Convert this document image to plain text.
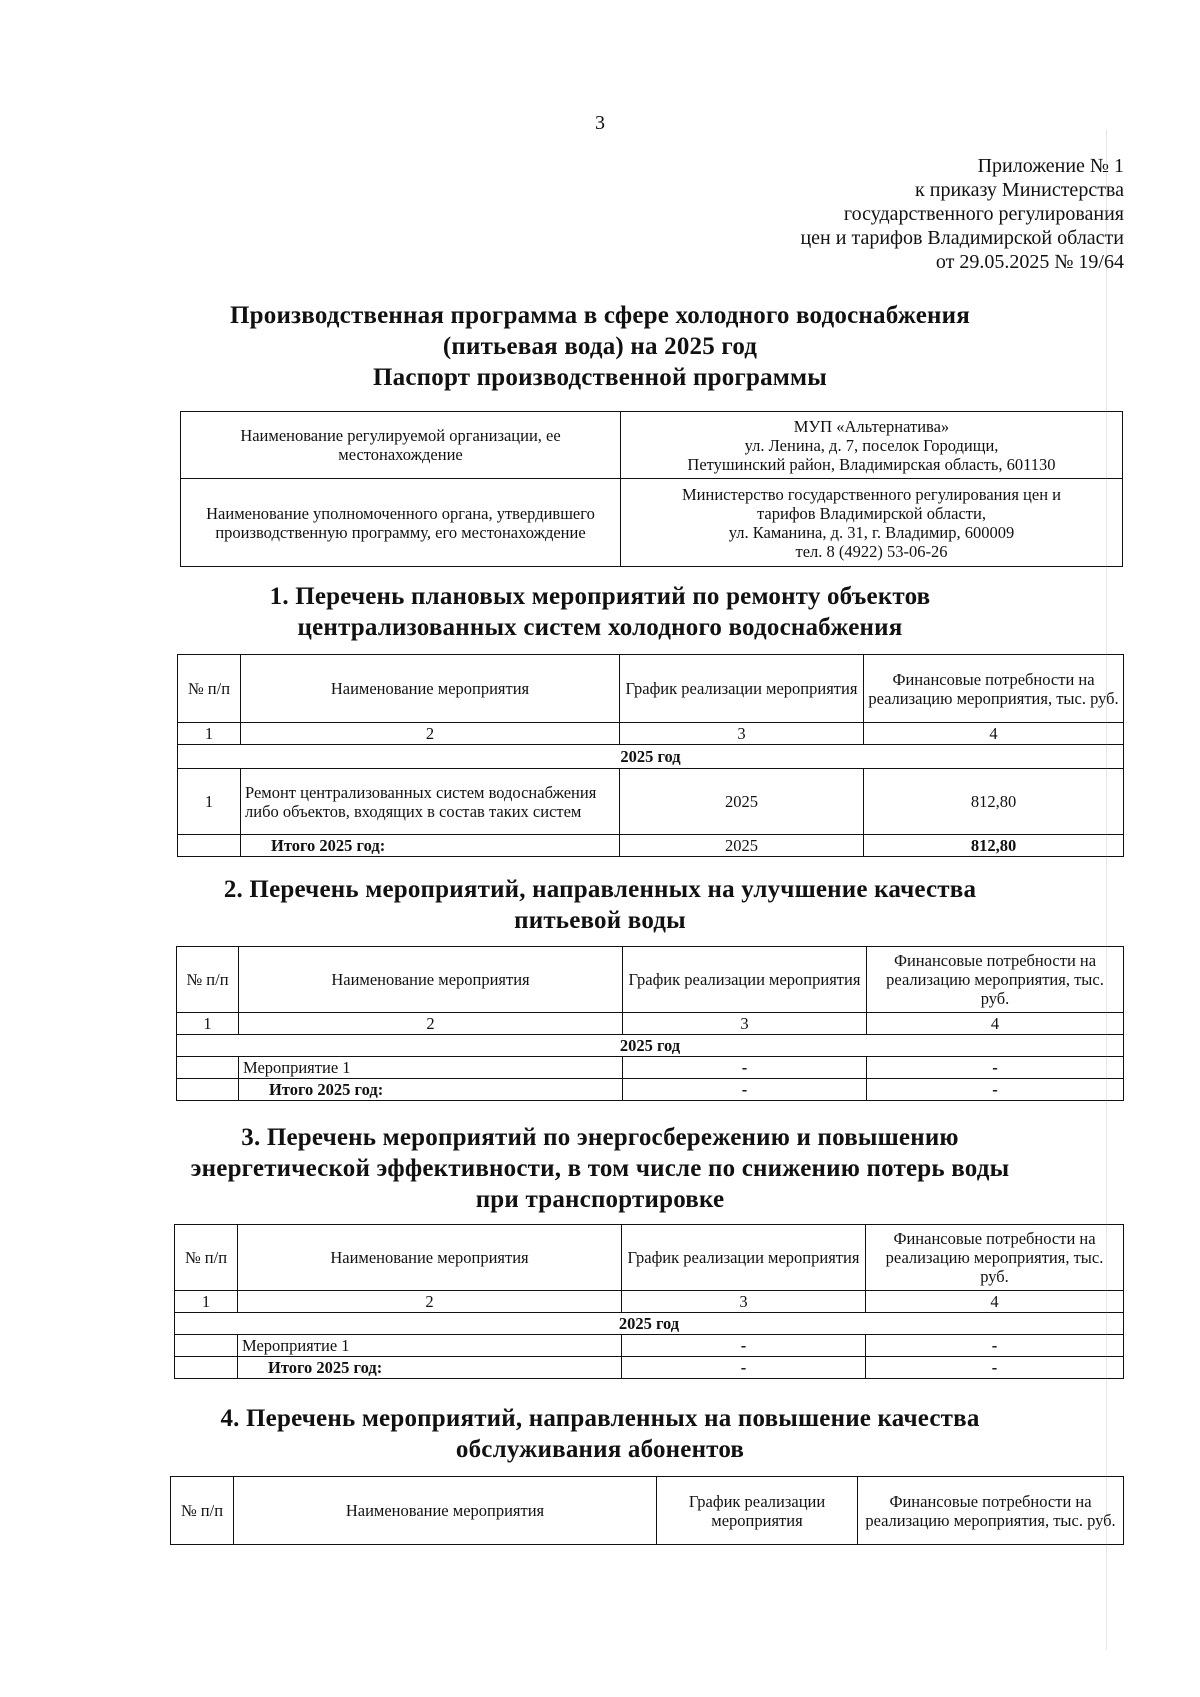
3
Приложение № 1
к приказу Министерства
государственного регулирования
цен и тарифов Владимирской области
от 29.05.2025 № 19/64
Производственная программа в сфере холодного водоснабжения
(питьевая вода) на 2025 год
Паспорт производственной программы
Наименование регулируемой организации, ее местонахождение	МУП «Альтернатива»
ул. Ленина, д. 7, поселок Городищи,
Петушинский район, Владимирская область, 601130

Наименование уполномоченного органа, утвердившего производственную программу, его местонахождение	Министерство государственного регулирования цен и
тарифов Владимирской области,
ул. Каманина, д. 31, г. Владимир, 600009
тел. 8 (4922) 53-06-26
1. Перечень плановых мероприятий по ремонту объектов
централизованных систем холодного водоснабжения
№ п/п	Наименование мероприятия	График реализации мероприятия	Финансовые потребности на реализацию мероприятия, тыс. руб.
1	2	3	4
2025 год			
1	Ремонт централизованных систем водоснабжения либо объектов, входящих в состав таких систем	2025	812,80
	Итого 2025 год:	2025	812,80
2. Перечень мероприятий, направленных на улучшение качества
питьевой воды
№ п/п	Наименование мероприятия	График реализации мероприятия	Финансовые потребности на реализацию мероприятия, тыс. руб.
1	2	3	4
2025 год			
	Мероприятие 1	-	-
	Итого 2025 год:	-	-
3. Перечень мероприятий по энергосбережению и повышению
энергетической эффективности, в том числе по снижению потерь воды
при транспортировке
№ п/п	Наименование мероприятия	График реализации мероприятия	Финансовые потребности на реализацию мероприятия, тыс. руб.
1	2	3	4
2025 год			
	Мероприятие 1	-	-
	Итого 2025 год:	-	-
4. Перечень мероприятий, направленных на повышение качества
обслуживания абонентов
№ п/п	Наименование мероприятия	График реализации мероприятия	Финансовые потребности на реализацию мероприятия, тыс. руб.
